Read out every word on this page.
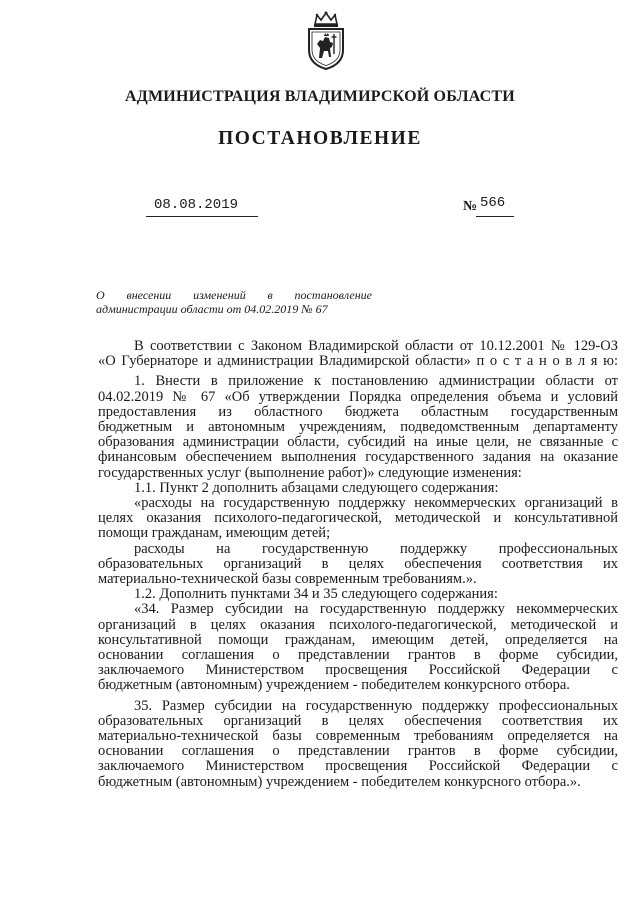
АДМИНИСТРАЦИЯ ВЛАДИМИРСКОЙ ОБЛАСТИ
ПОСТАНОВЛЕНИЕ
08.08.2019	№ 566
О внесении изменений в постановление
администрации области от 04.02.2019 № 67
В соответствии с Законом Владимирской области от 10.12.2001 № 129-ОЗ
«О Губернаторе и администрации Владимирской области» п о с т а н о в л я ю:
1. Внести в приложение к постановлению администрации области от
04.02.2019 № 67 «Об утверждении Порядка определения объема и условий
предоставления из областного бюджета областным государственным
бюджетным и автономным учреждениям, подведомственным департаменту
образования администрации области, субсидий на иные цели, не связанные с
финансовым обеспечением выполнения государственного задания на оказание
государственных услуг (выполнение работ)» следующие изменения:
1.1. Пункт 2 дополнить абзацами следующего содержания:
«расходы на государственную поддержку некоммерческих организаций в
целях оказания психолого-педагогической, методической и консультативной
помощи гражданам, имеющим детей;
расходы на государственную поддержку профессиональных
образовательных организаций в целях обеспечения соответствия их
материально-технической базы современным требованиям.».
1.2. Дополнить пунктами 34 и 35 следующего содержания:
«34. Размер субсидии на государственную поддержку некоммерческих
организаций в целях оказания психолого-педагогической, методической и
консультативной помощи гражданам, имеющим детей, определяется на
основании соглашения о представлении грантов в форме субсидии,
заключаемого Министерством просвещения Российской Федерации с
бюджетным (автономным) учреждением - победителем конкурсного отбора.
35. Размер субсидии на государственную поддержку профессиональных
образовательных организаций в целях обеспечения соответствия их
материально-технической базы современным требованиям определяется на
основании соглашения о представлении грантов в форме субсидии,
заключаемого Министерством просвещения Российской Федерации с
бюджетным (автономным) учреждением - победителем конкурсного отбора.».
